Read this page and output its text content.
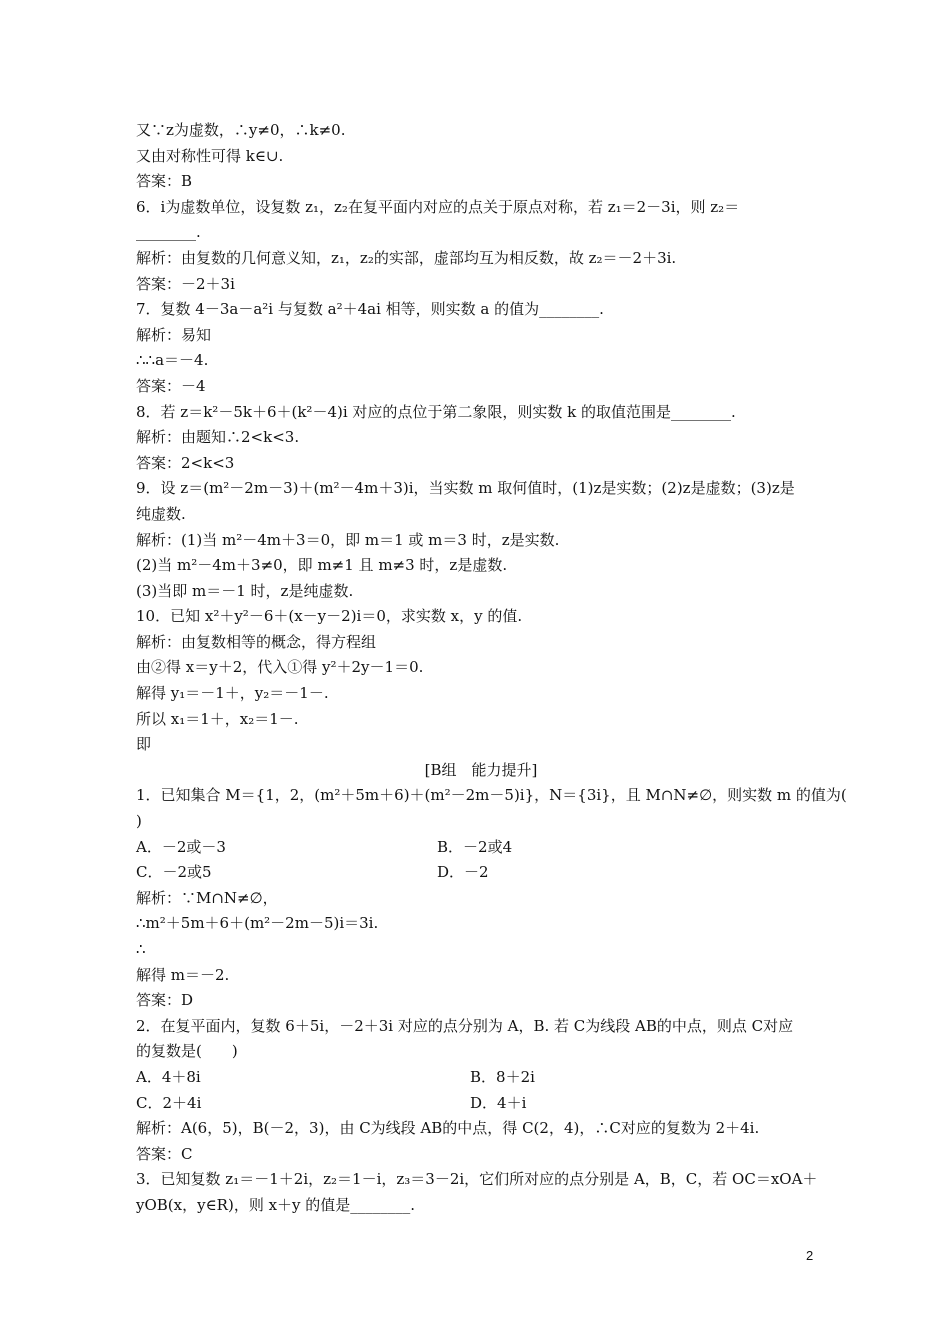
又∵z为虚数，∴y≠0，∴k≠0.
又由对称性可得 k∈∪.
答案：B
6．i为虚数单位，设复数 z₁，z₂在复平面内对应的点关于原点对称，若 z₁＝2－3i，则 z₂＝
________.
解析：由复数的几何意义知，z₁，z₂的实部，虚部均互为相反数，故 z₂＝－2＋3i.
答案：－2＋3i
7．复数 4－3a－a²i 与复数 a²＋4ai 相等，则实数 a 的值为________.
解析：易知
∴∴a＝－4.
答案：－4
8．若 z＝k²－5k＋6＋(k²－4)i 对应的点位于第二象限，则实数 k 的取值范围是________.
解析：由题知∴2<k<3.
答案：2<k<3
9．设 z＝(m²－2m－3)＋(m²－4m＋3)i，当实数 m 取何值时，(1)z是实数；(2)z是虚数；(3)z是
纯虚数.
解析：(1)当 m²－4m＋3＝0，即 m＝1 或 m＝3 时，z是实数.
(2)当 m²－4m＋3≠0，即 m≠1 且 m≠3 时，z是虚数.
(3)当即 m＝－1 时，z是纯虚数.
10．已知 x²＋y²－6＋(x－y－2)i＝0，求实数 x，y 的值.
解析：由复数相等的概念，得方程组
由②得 x＝y＋2，代入①得 y²＋2y－1＝0.
解得 y₁＝－1＋，y₂＝－1－.
所以 x₁＝1＋，x₂＝1－.
即
[B组　能力提升]
1．已知集合 M＝{1，2，(m²＋5m＋6)＋(m²－2m－5)i}，N＝{3i}，且 M∩N≠∅，则实数 m 的值为(
)
A．－2或－3	B．－2或4
C．－2或5	D．－2
解析：∵M∩N≠∅，
∴m²＋5m＋6＋(m²－2m－5)i＝3i.
∴
解得 m＝－2.
答案：D
2．在复平面内，复数 6＋5i，－2＋3i 对应的点分别为 A，B. 若 C为线段 AB的中点，则点 C对应
的复数是(　　)
A．4＋8i	B．8＋2i
C．2＋4i	D．4＋i
解析：A(6，5)，B(－2，3)，由 C为线段 AB的中点，得 C(2，4)，∴C对应的复数为 2＋4i.
答案：C
3．已知复数 z₁＝－1＋2i，z₂＝1－i，z₃＝3－2i，它们所对应的点分别是 A，B，C，若 OC＝xOA＋
yOB(x，y∈R)，则 x＋y 的值是________.
2
